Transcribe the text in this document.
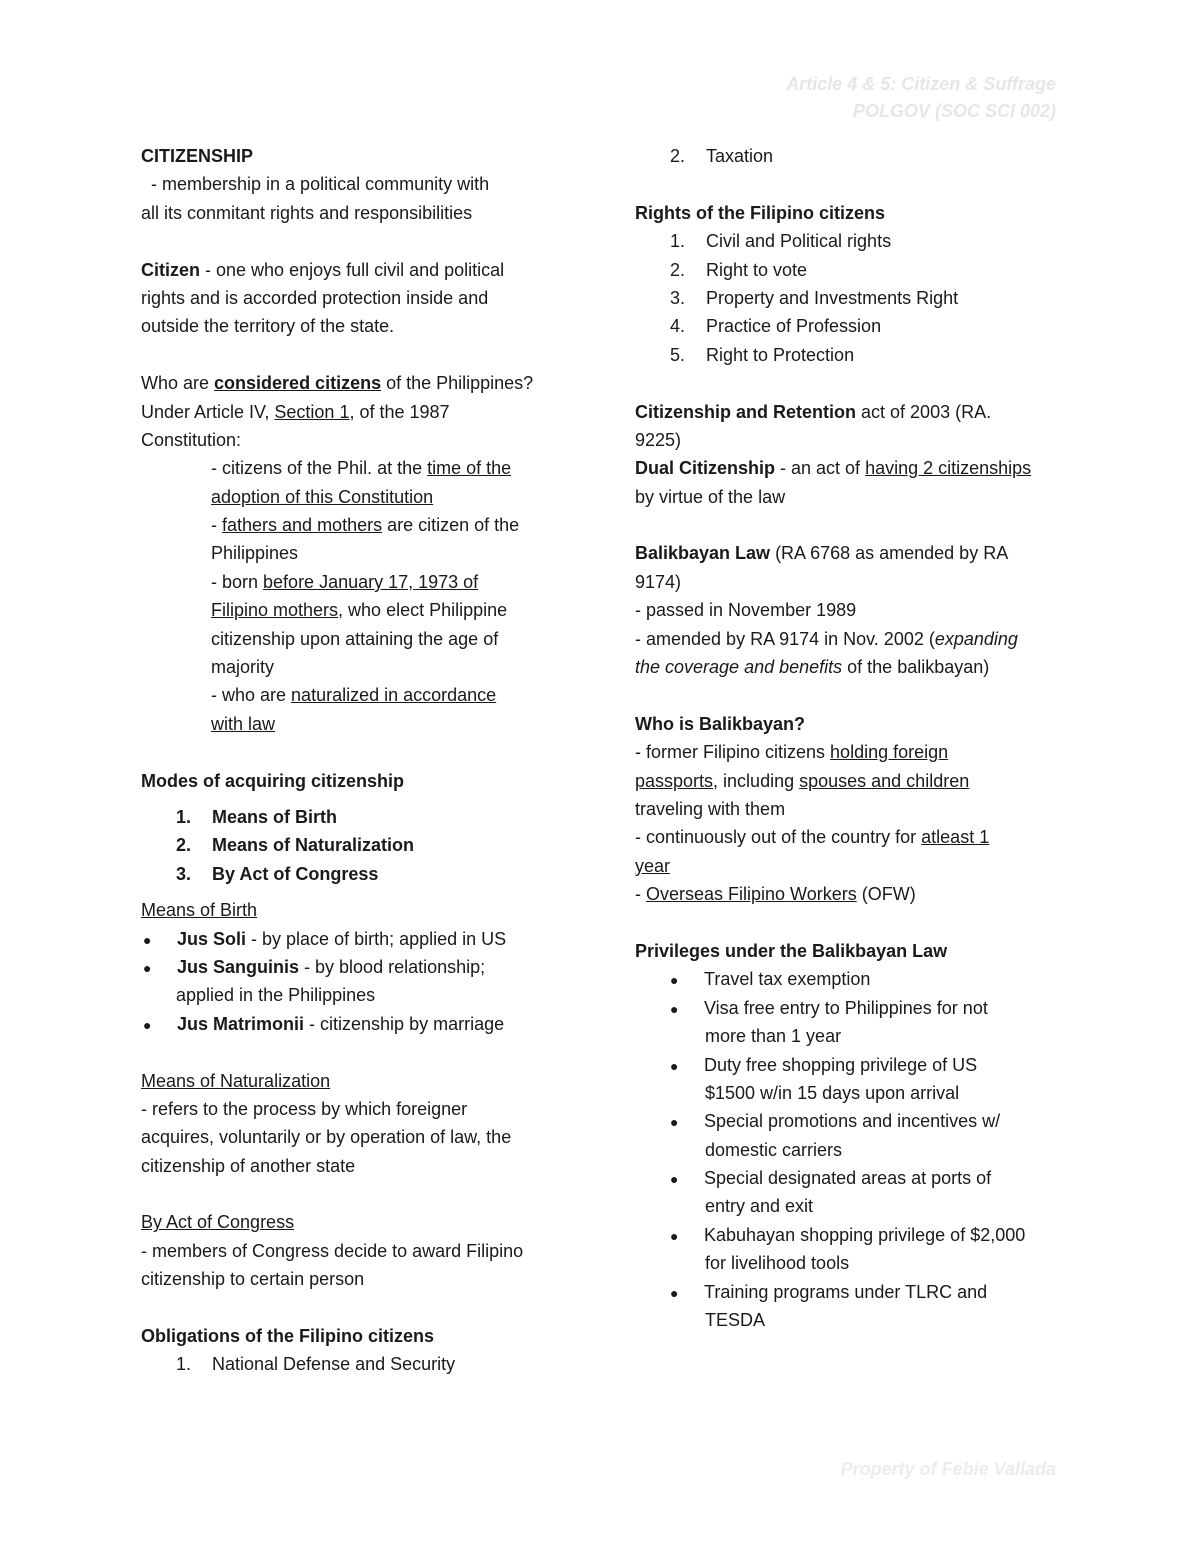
Article 4 & 5: Citizen & Suffrage
POLGOV (SOC SCI 002)
CITIZENSHIP
- membership in a political community with
all its conmitant rights and responsibilities
Citizen - one who enjoys full civil and political
rights and is accorded protection inside and
outside the territory of the state.
Who are considered citizens of the Philippines?
Under Article IV, Section 1, of the 1987
Constitution:
- citizens of the Phil. at the time of the
adoption of this Constitution
- fathers and mothers are citizen of the
Philippines
- born before January 17, 1973 of
Filipino mothers, who elect Philippine
citizenship upon attaining the age of
majority
- who are naturalized in accordance
with law
Modes of acquiring citizenship
1. Means of Birth
2. Means of Naturalization
3. By Act of Congress
Means of Birth
● Jus Soli - by place of birth; applied in US
● Jus Sanguinis - by blood relationship;
applied in the Philippines
● Jus Matrimonii - citizenship by marriage
Means of Naturalization
- refers to the process by which foreigner
acquires, voluntarily or by operation of law, the
citizenship of another state
By Act of Congress
- members of Congress decide to award Filipino
citizenship to certain person
Obligations of the Filipino citizens
1. National Defense and Security
2. Taxation
Rights of the Filipino citizens
1. Civil and Political rights
2. Right to vote
3. Property and Investments Right
4. Practice of Profession
5. Right to Protection
Citizenship and Retention act of 2003 (RA.
9225)
Dual Citizenship - an act of having 2 citizenships
by virtue of the law
Balikbayan Law (RA 6768 as amended by RA
9174)
- passed in November 1989
- amended by RA 9174 in Nov. 2002 (expanding
the coverage and benefits of the balikbayan)
Who is Balikbayan?
- former Filipino citizens holding foreign
passports, including spouses and children
traveling with them
- continuously out of the country for atleast 1
year
- Overseas Filipino Workers (OFW)
Privileges under the Balikbayan Law
● Travel tax exemption
● Visa free entry to Philippines for not
more than 1 year
● Duty free shopping privilege of US
$1500 w/in 15 days upon arrival
● Special promotions and incentives w/
domestic carriers
● Special designated areas at ports of
entry and exit
● Kabuhayan shopping privilege of $2,000
for livelihood tools
● Training programs under TLRC and
TESDA
Property of Febie Vallada
